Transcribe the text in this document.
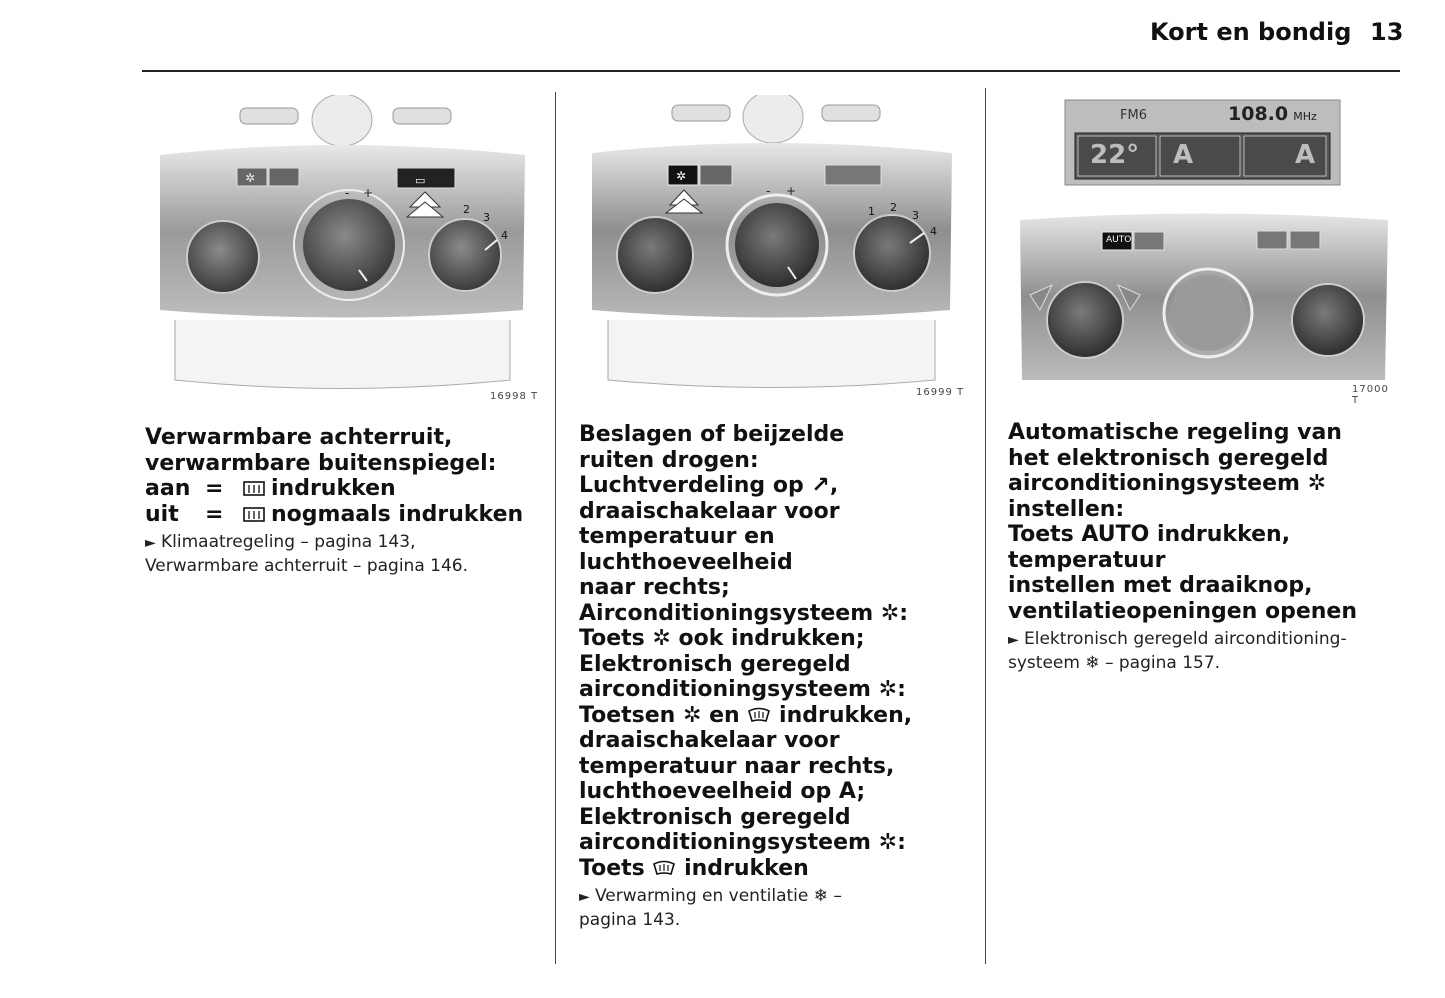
Kort en bondig 13
✲	▭
- +
2
3
4
16998 T
✲
- +
1 2
3
4
16999 T
FM6	108.0 MHz
22° A	A
AUTO
17000 T

Verwarmbare achterruit,

verwarmbare buitenspiegel:

aan =	indrukken
uit	=	nogmaals indrukken

► Klimaatregeling – pagina 143,
Verwarmbare achterruit – pagina 146.

Beslagen of beijzelde

ruiten drogen:

Luchtverdeling op ↗,

draaischakelaar voor

temperatuur en luchthoeveelheid

naar rechts;

Airconditioningsysteem ✲:

Toets ✲ ook indrukken;

Elektronisch geregeld

airconditioningsysteem ✲:

Toetsen ✲ en indrukken,

draaischakelaar voor

temperatuur naar rechts,

luchthoeveelheid op A;

Elektronisch geregeld

airconditioningsysteem ✲:

Toets indrukken

► Verwarming en ventilatie ❄ –
pagina 143.

Automatische regeling van

het elektronisch geregeld

airconditioningsysteem ✲

instellen:

Toets AUTO indrukken,

temperatuur

instellen met draaiknop,

ventilatieopeningen openen

► Elektronisch geregeld airconditioning-
systeem ❄ – pagina 157.
